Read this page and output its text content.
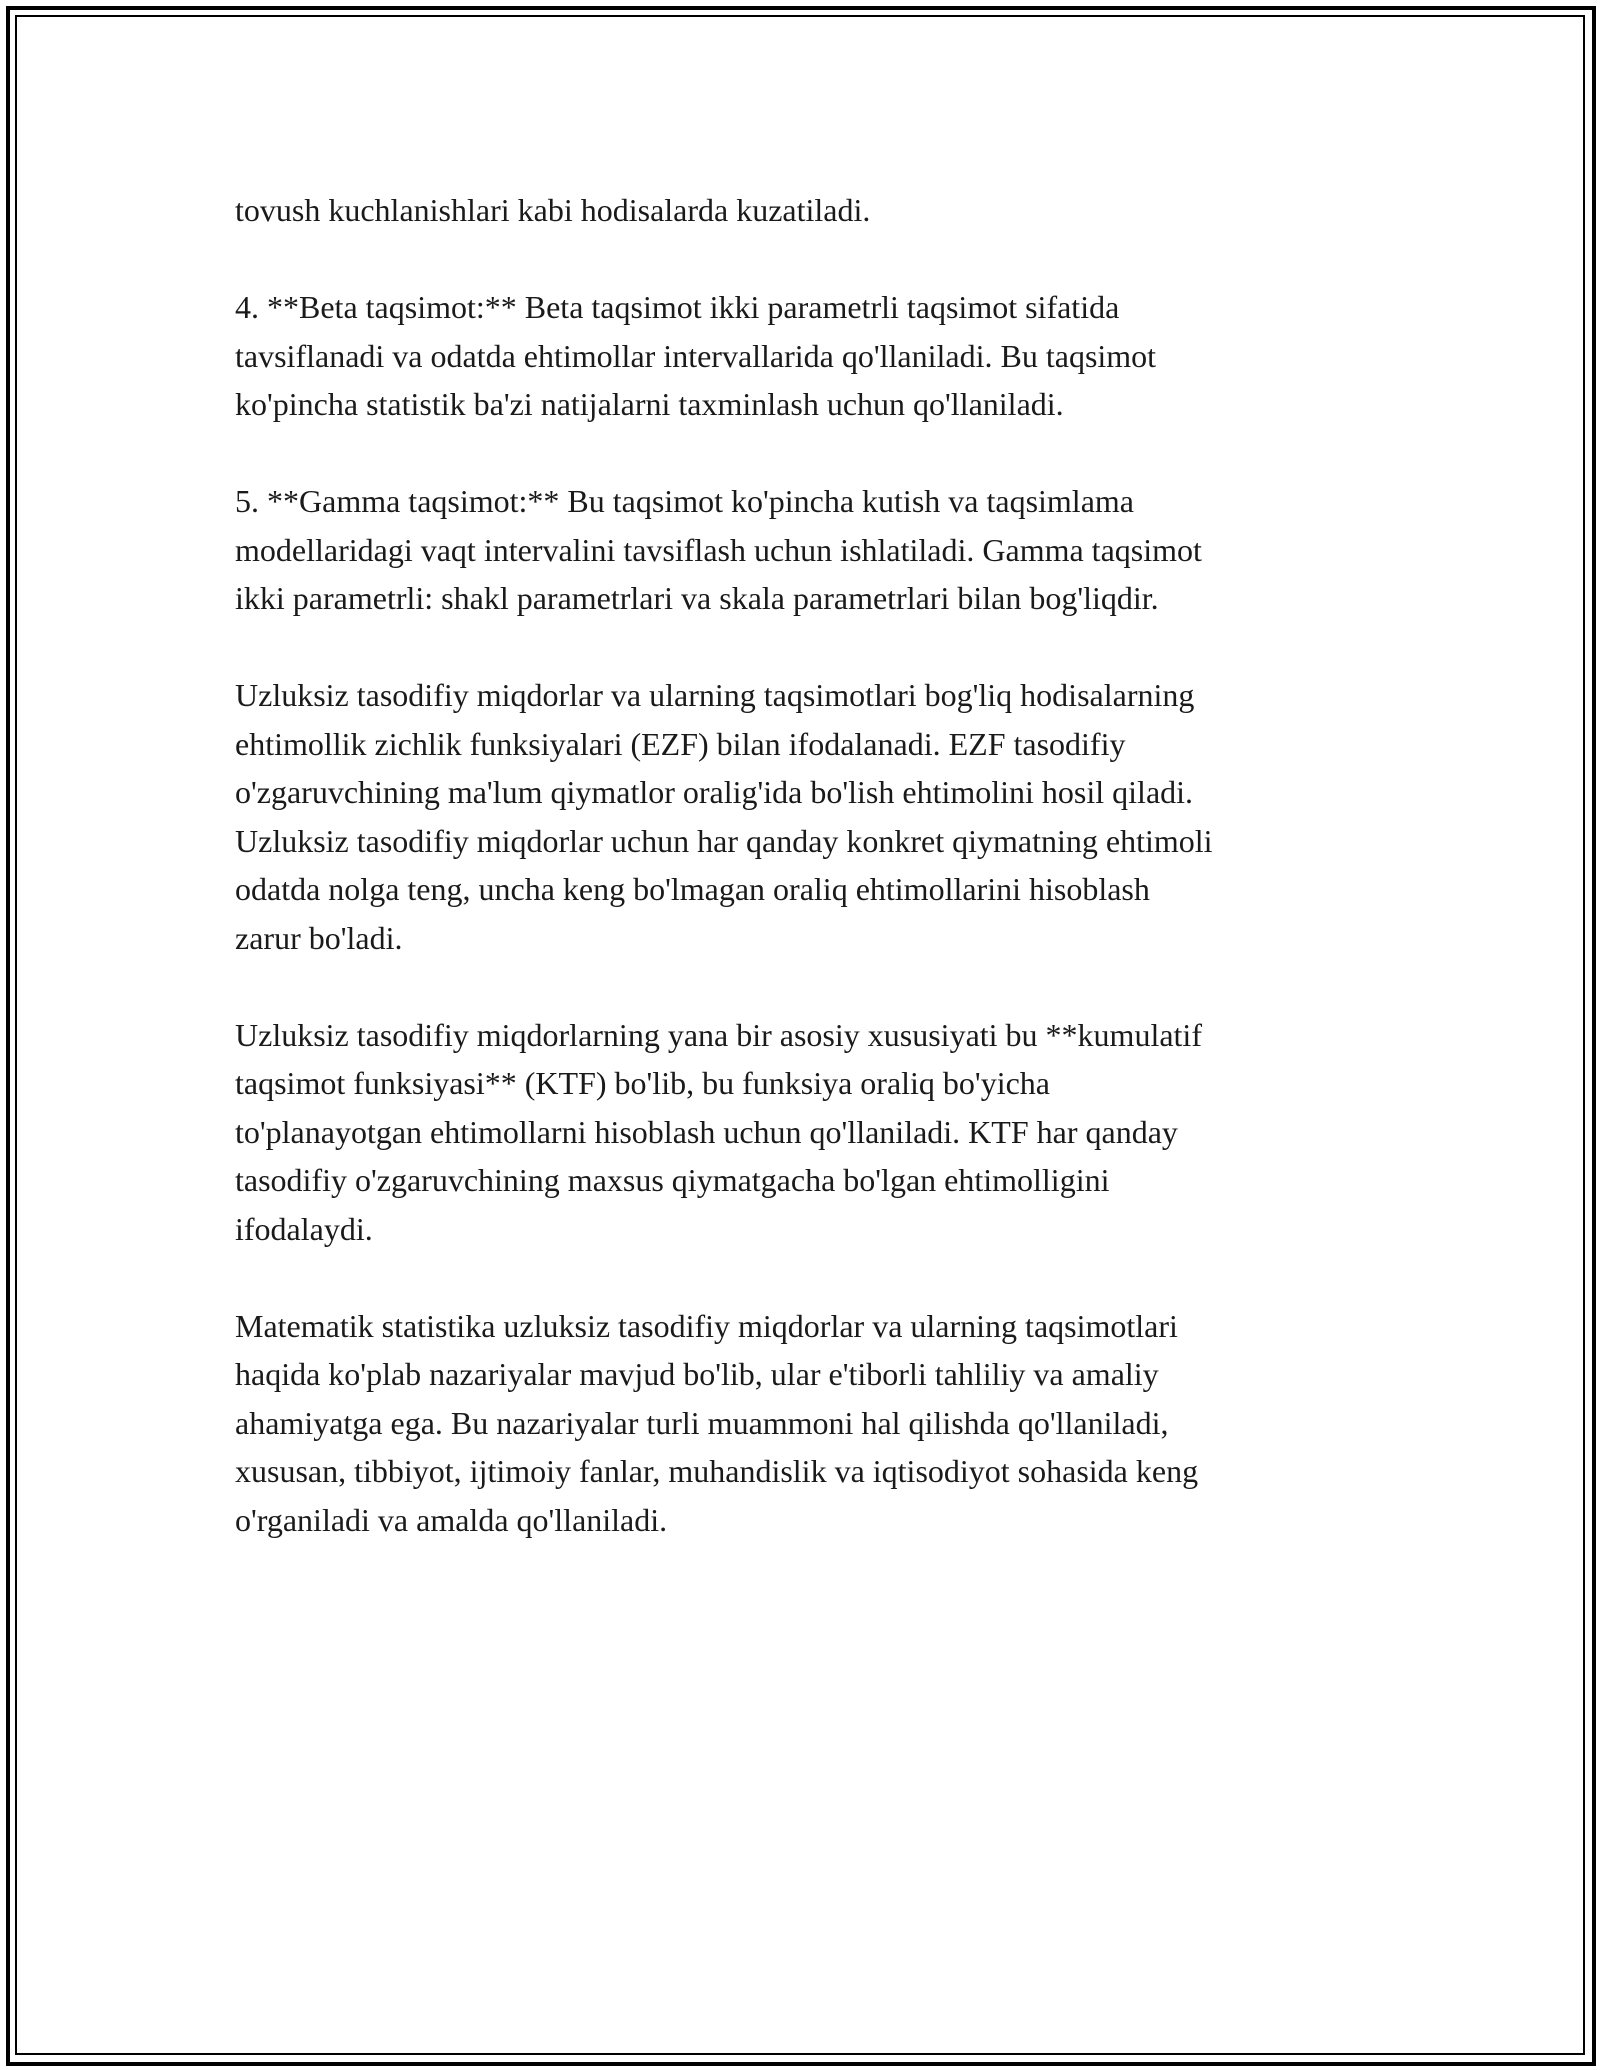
tovush kuchlanishlari kabi hodisalarda kuzatiladi.
4. **Beta taqsimot:** Beta taqsimot ikki parametrli taqsimot sifatida
tavsiflanadi va odatda ehtimollar intervallarida qo'llaniladi. Bu taqsimot
ko'pincha statistik ba'zi natijalarni taxminlash uchun qo'llaniladi.
5. **Gamma taqsimot:** Bu taqsimot ko'pincha kutish va taqsimlama
modellaridagi vaqt intervalini tavsiflash uchun ishlatiladi. Gamma taqsimot
ikki parametrli: shakl parametrlari va skala parametrlari bilan bog'liqdir.
Uzluksiz tasodifiy miqdorlar va ularning taqsimotlari bog'liq hodisalarning
ehtimollik zichlik funksiyalari (EZF) bilan ifodalanadi. EZF tasodifiy
o'zgaruvchining ma'lum qiymatlor oralig'ida bo'lish ehtimolini hosil qiladi.
Uzluksiz tasodifiy miqdorlar uchun har qanday konkret qiymatning ehtimoli
odatda nolga teng, uncha keng bo'lmagan oraliq ehtimollarini hisoblash
zarur bo'ladi.
Uzluksiz tasodifiy miqdorlarning yana bir asosiy xususiyati bu **kumulatif
taqsimot funksiyasi** (KTF) bo'lib, bu funksiya oraliq bo'yicha
to'planayotgan ehtimollarni hisoblash uchun qo'llaniladi. KTF har qanday
tasodifiy o'zgaruvchining maxsus qiymatgacha bo'lgan ehtimolligini
ifodalaydi.
Matematik statistika uzluksiz tasodifiy miqdorlar va ularning taqsimotlari
haqida ko'plab nazariyalar mavjud bo'lib, ular e'tiborli tahliliy va amaliy
ahamiyatga ega. Bu nazariyalar turli muammoni hal qilishda qo'llaniladi,
xususan, tibbiyot, ijtimoiy fanlar, muhandislik va iqtisodiyot sohasida keng
o'rganiladi va amalda qo'llaniladi.
